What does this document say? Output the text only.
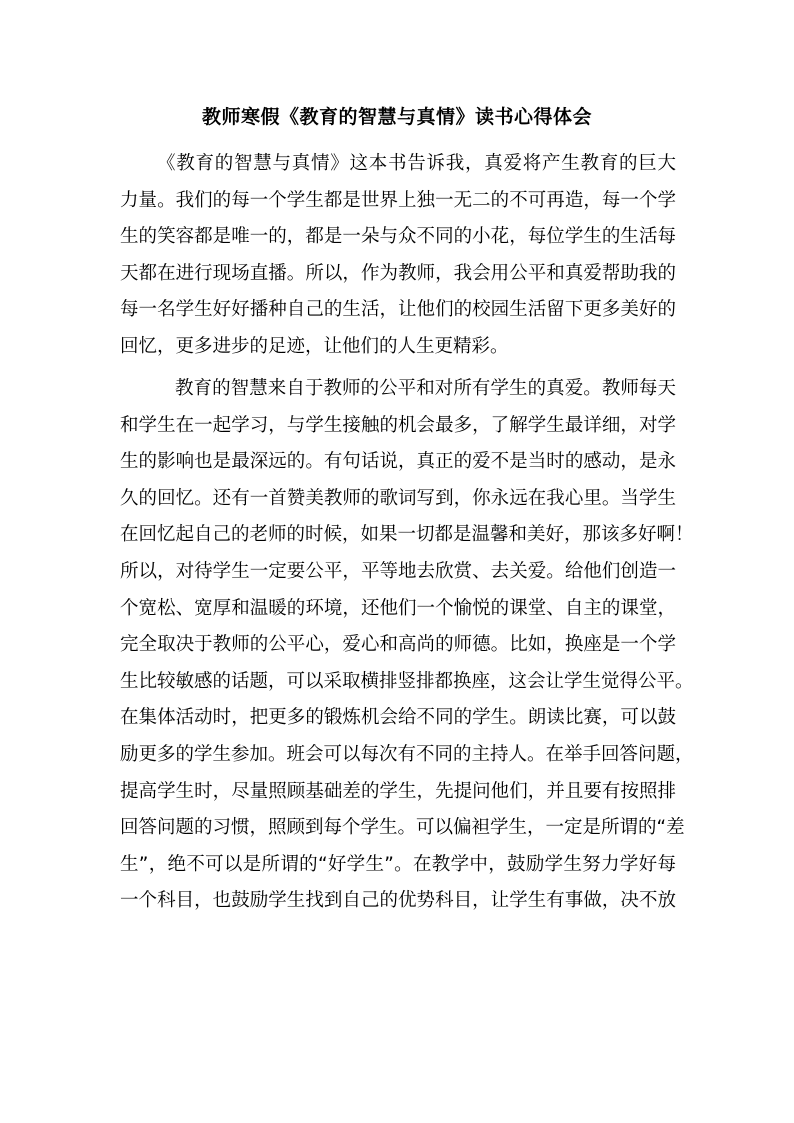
教师寒假《教育的智慧与真情》读书心得体会
《教育的智慧与真情》这本书告诉我，真爱将产生教育的巨大
力量。我们的每一个学生都是世界上独一无二的不可再造，每一个学
生的笑容都是唯一的，都是一朵与众不同的小花，每位学生的生活每
天都在进行现场直播。所以，作为教师，我会用公平和真爱帮助我的
每一名学生好好播种自己的生活，让他们的校园生活留下更多美好的
回忆，更多进步的足迹，让他们的人生更精彩。
教育的智慧来自于教师的公平和对所有学生的真爱。教师每天
和学生在一起学习，与学生接触的机会最多，了解学生最详细，对学
生的影响也是最深远的。有句话说，真正的爱不是当时的感动，是永
久的回忆。还有一首赞美教师的歌词写到，你永远在我心里。当学生
在回忆起自己的老师的时候，如果一切都是温馨和美好，那该多好啊！
所以，对待学生一定要公平，平等地去欣赏、去关爱。给他们创造一
个宽松、宽厚和温暖的环境，还他们一个愉悦的课堂、自主的课堂，
完全取决于教师的公平心，爱心和高尚的师德。比如，换座是一个学
生比较敏感的话题，可以采取横排竖排都换座，这会让学生觉得公平。
在集体活动时，把更多的锻炼机会给不同的学生。朗读比赛，可以鼓
励更多的学生参加。班会可以每次有不同的主持人。在举手回答问题，
提高学生时，尽量照顾基础差的学生，先提问他们，并且要有按照排
回答问题的习惯，照顾到每个学生。可以偏袒学生，一定是所谓的“差
生”，绝不可以是所谓的“好学生”。在教学中，鼓励学生努力学好每
一个科目，也鼓励学生找到自己的优势科目，让学生有事做，决不放
